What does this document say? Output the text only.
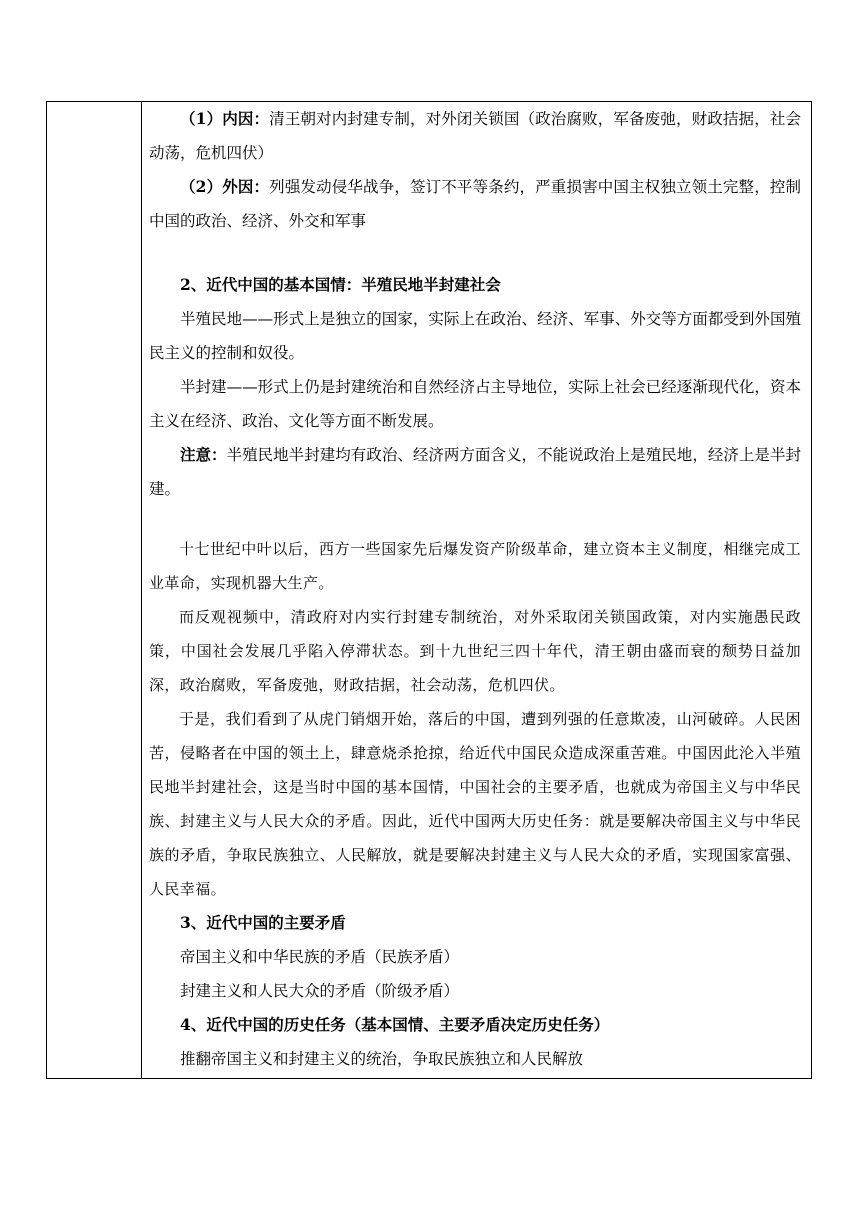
（1）内因：清王朝对内封建专制，对外闭关锁国（政治腐败，军备废弛，财政拮据，社会动荡，危机四伏）

（2）外因：列强发动侵华战争，签订不平等条约，严重损害中国主权独立领土完整，控制中国的政治、经济、外交和军事

2、近代中国的基本国情：半殖民地半封建社会

半殖民地——形式上是独立的国家，实际上在政治、经济、军事、外交等方面都受到外国殖民主义的控制和奴役。

半封建——形式上仍是封建统治和自然经济占主导地位，实际上社会已经逐渐现代化，资本主义在经济、政治、文化等方面不断发展。

注意：半殖民地半封建均有政治、经济两方面含义，不能说政治上是殖民地，经济上是半封建。

十七世纪中叶以后，西方一些国家先后爆发资产阶级革命，建立资本主义制度，相继完成工业革命，实现机器大生产。

而反观视频中，清政府对内实行封建专制统治，对外采取闭关锁国政策，对内实施愚民政策，中国社会发展几乎陷入停滞状态。到十九世纪三四十年代，清王朝由盛而衰的颓势日益加深，政治腐败，军备废弛，财政拮据，社会动荡，危机四伏。

于是，我们看到了从虎门销烟开始，落后的中国，遭到列强的任意欺凌，山河破碎。人民困苦，侵略者在中国的领土上，肆意烧杀抢掠，给近代中国民众造成深重苦难。中国因此沦入半殖民地半封建社会，这是当时中国的基本国情，中国社会的主要矛盾，也就成为帝国主义与中华民族、封建主义与人民大众的矛盾。因此，近代中国两大历史任务：就是要解决帝国主义与中华民族的矛盾，争取民族独立、人民解放，就是要解决封建主义与人民大众的矛盾，实现国家富强、人民幸福。

3、近代中国的主要矛盾

帝国主义和中华民族的矛盾（民族矛盾）

封建主义和人民大众的矛盾（阶级矛盾）

4、近代中国的历史任务（基本国情、主要矛盾决定历史任务）

推翻帝国主义和封建主义的统治，争取民族独立和人民解放
